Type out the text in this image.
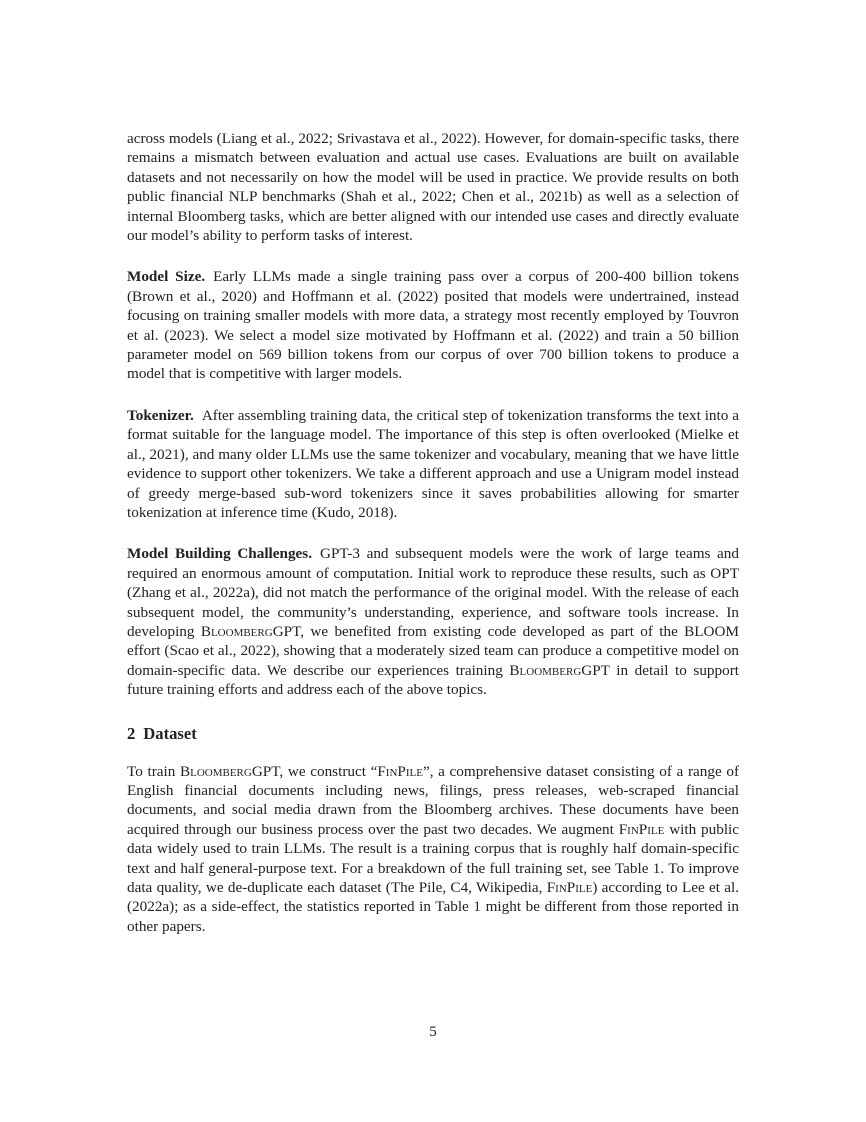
across models (Liang et al., 2022; Srivastava et al., 2022). However, for domain-specific tasks, there remains a mismatch between evaluation and actual use cases. Evaluations are built on available datasets and not necessarily on how the model will be used in practice. We provide results on both public financial NLP benchmarks (Shah et al., 2022; Chen et al., 2021b) as well as a selection of internal Bloomberg tasks, which are better aligned with our intended use cases and directly evaluate our model’s ability to perform tasks of interest.

Model Size. Early LLMs made a single training pass over a corpus of 200-400 billion tokens (Brown et al., 2020) and Hoffmann et al. (2022) posited that models were undertrained, instead focusing on training smaller models with more data, a strategy most recently employed by Touvron et al. (2023). We select a model size motivated by Hoffmann et al. (2022) and train a 50 billion parameter model on 569 billion tokens from our corpus of over 700 billion tokens to produce a model that is competitive with larger models.

Tokenizer. After assembling training data, the critical step of tokenization transforms the text into a format suitable for the language model. The importance of this step is often overlooked (Mielke et al., 2021), and many older LLMs use the same tokenizer and vocabulary, meaning that we have little evidence to support other tokenizers. We take a different approach and use a Unigram model instead of greedy merge-based sub-word tokenizers since it saves probabilities allowing for smarter tokenization at inference time (Kudo, 2018).

Model Building Challenges. GPT-3 and subsequent models were the work of large teams and required an enormous amount of computation. Initial work to reproduce these results, such as OPT (Zhang et al., 2022a), did not match the performance of the original model. With the release of each subsequent model, the community’s understanding, experience, and software tools increase. In developing BloombergGPT, we benefited from existing code developed as part of the BLOOM effort (Scao et al., 2022), showing that a moderately sized team can produce a competitive model on domain-specific data. We describe our experiences training BloombergGPT in detail to support future training efforts and address each of the above topics.

2 Dataset

To train BloombergGPT, we construct “FinPile”, a comprehensive dataset consisting of a range of English financial documents including news, filings, press releases, web-scraped financial documents, and social media drawn from the Bloomberg archives. These documents have been acquired through our business process over the past two decades. We augment FinPile with public data widely used to train LLMs. The result is a training corpus that is roughly half domain-specific text and half general-purpose text. For a breakdown of the full training set, see Table 1. To improve data quality, we de-duplicate each dataset (The Pile, C4, Wikipedia, FinPile) according to Lee et al. (2022a); as a side-effect, the statistics reported in Table 1 might be different from those reported in other papers.

5
